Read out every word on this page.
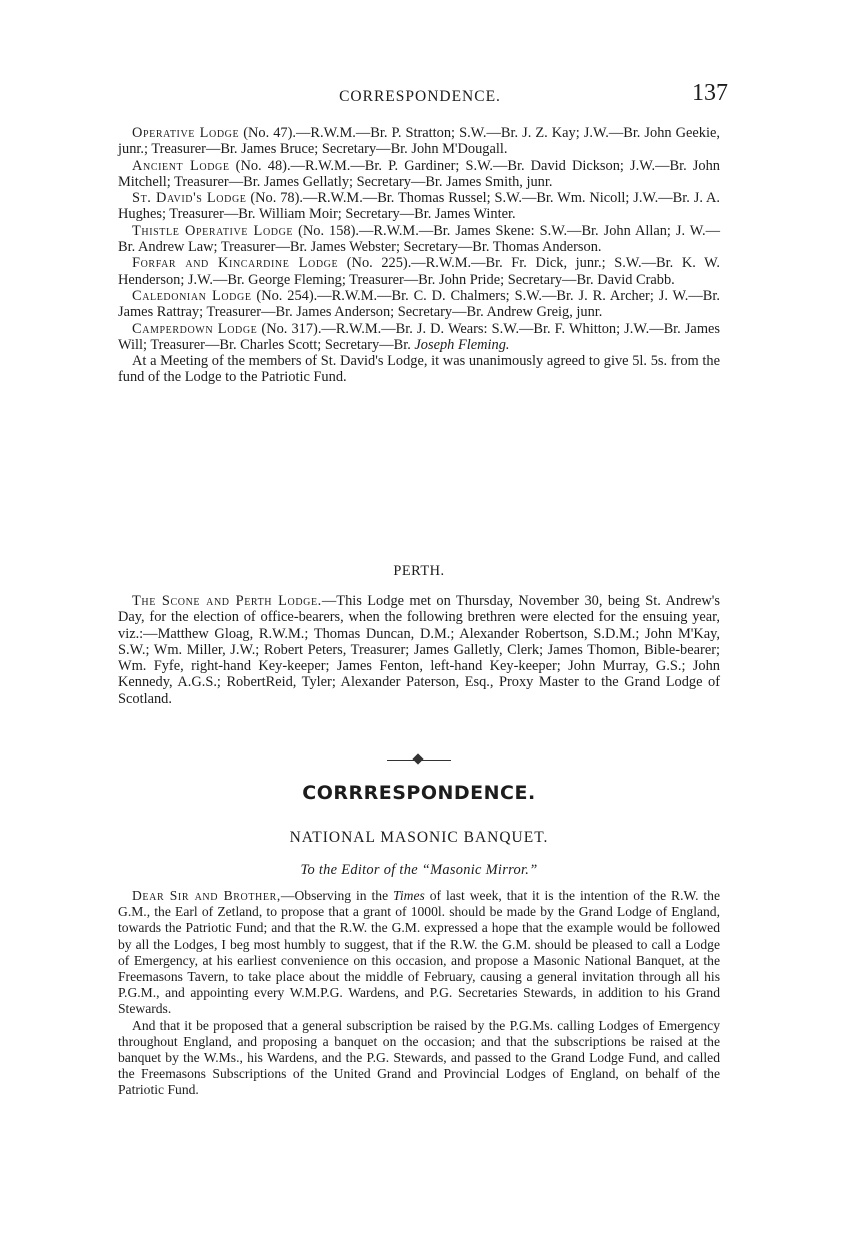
CORRESPONDENCE.	137

Operative Lodge (No. 47).—R.W.M.—Br. P. Stratton; S.W.—Br. J. Z. Kay; J.W.—Br. John Geekie, junr.; Treasurer—Br. James Bruce; Secretary—Br. John M'Dougall.

Ancient Lodge (No. 48).—R.W.M.—Br. P. Gardiner; S.W.—Br. David Dickson; J.W.—Br. John Mitchell; Treasurer—Br. James Gellatly; Secretary—Br. James Smith, junr.

St. David's Lodge (No. 78).—R.W.M.—Br. Thomas Russel; S.W.—Br. Wm. Nicoll; J.W.—Br. J. A. Hughes; Treasurer—Br. William Moir; Secretary—Br. James Winter.

Thistle Operative Lodge (No. 158).—R.W.M.—Br. James Skene: S.W.—Br. John Allan; J. W.—Br. Andrew Law; Treasurer—Br. James Webster; Secretary—Br. Thomas Anderson.

Forfar and Kincardine Lodge (No. 225).—R.W.M.—Br. Fr. Dick, junr.; S.W.—Br. K. W. Henderson; J.W.—Br. George Fleming; Treasurer—Br. John Pride; Secretary—Br. David Crabb.

Caledonian Lodge (No. 254).—R.W.M.—Br. C. D. Chalmers; S.W.—Br. J. R. Archer; J. W.—Br. James Rattray; Treasurer—Br. James Anderson; Secretary—Br. Andrew Greig, junr.

Camperdown Lodge (No. 317).—R.W.M.—Br. J. D. Wears: S.W.—Br. F. Whitton; J.W.—Br. James Will; Treasurer—Br. Charles Scott; Secretary—Br. Joseph Fleming.

At a Meeting of the members of St. David's Lodge, it was unanimously agreed to give 5l. 5s. from the fund of the Lodge to the Patriotic Fund.

PERTH.

The Scone and Perth Lodge.—This Lodge met on Thursday, November 30, being St. Andrew's Day, for the election of office-bearers, when the following brethren were elected for the ensuing year, viz.:—Matthew Gloag, R.W.M.; Thomas Duncan, D.M.; Alexander Robertson, S.D.M.; John M'Kay, S.W.; Wm. Miller, J.W.; Robert Peters, Treasurer; James Galletly, Clerk; James Thomon, Bible-bearer; Wm. Fyfe, right-hand Key-keeper; James Fenton, left-hand Key-keeper; John Murray, G.S.; John Kennedy, A.G.S.; RobertReid, Tyler; Alexander Paterson, Esq., Proxy Master to the Grand Lodge of Scotland.

CORRRESPONDENCE.
NATIONAL MASONIC BANQUET.
To the Editor of the “Masonic Mirror.”

Dear Sir and Brother,—Observing in the Times of last week, that it is the intention of the R.W. the G.M., the Earl of Zetland, to propose that a grant of 1000l. should be made by the Grand Lodge of England, towards the Patriotic Fund; and that the R.W. the G.M. expressed a hope that the example would be followed by all the Lodges, I beg most humbly to suggest, that if the R.W. the G.M. should be pleased to call a Lodge of Emergency, at his earliest convenience on this occasion, and propose a Masonic National Banquet, at the Freemasons Tavern, to take place about the middle of February, causing a general invitation through all his P.G.M., and appointing every W.M.P.G. Wardens, and P.G. Secretaries Stewards, in addition to his Grand Stewards.

And that it be proposed that a general subscription be raised by the P.G.Ms. calling Lodges of Emergency throughout England, and proposing a banquet on the occasion; and that the subscriptions be raised at the banquet by the W.Ms., his Wardens, and the P.G. Stewards, and passed to the Grand Lodge Fund, and called the Freemasons Subscriptions of the United Grand and Provincial Lodges of England, on behalf of the Patriotic Fund.
